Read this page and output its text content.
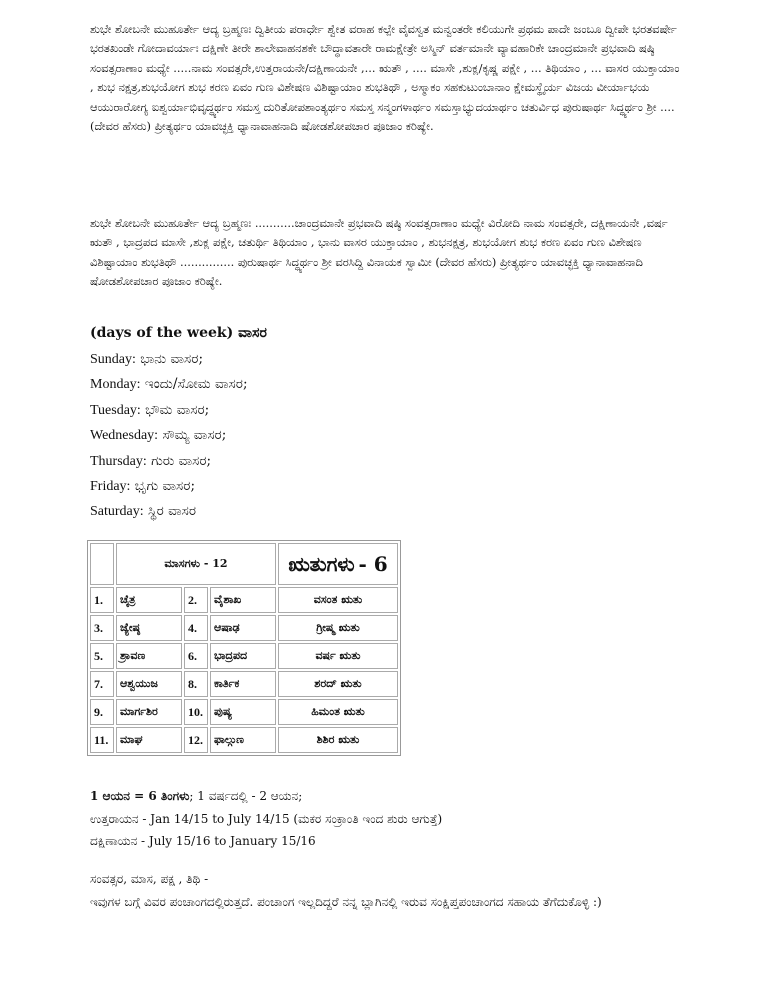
ಶುಭೇ ಶೋಬನೇ ಮುಹೂರ್ತೇ ಆದ್ಯ ಬ್ರಹ್ಮಣಃ ದ್ವಿತೀಯ ಪರಾರ್ಧೇ ಶ್ವೇತ ವರಾಹ ಕಲ್ಪೇ ವೈವಸ್ವತ ಮನ್ವಂತರೇ ಕಲಿಯುಗೇ ಪ್ರಥಮ ಪಾದೇ ಜಂಬೂ ದ್ವೀಪೇ ಭರತವರ್ಷೇ ಭರತಖಂಡೇ ಗೋದಾವರ್ಯಾಃ ದಕ್ಷಿಣೇ ತೀರೇ ಶಾಲೇವಾಹನಶಕೇ ಬೌದ್ಧಾವತಾರೇ ರಾಮಕ್ಷೇತ್ರೇ ಅಸ್ಮಿನ್ ವರ್ತಮಾನೇ ವ್ಯಾವಹಾರಿಕೇ ಚಾಂದ್ರಮಾನೇ ಪ್ರಭವಾದಿ ಷಷ್ಠಿ ಸಂವತ್ಸರಾಣಾಂ ಮಧ್ಯೇ .....ನಾಮ ಸಂವತ್ಸರೇ,ಉತ್ತರಾಯನೇ/ದಕ್ಷಿಣಾಯನೇ ,... ಋತೌ , .... ಮಾಸೇ ,ಶುಕ್ಲ/ಕೃಷ್ಣ ಪಕ್ಷೇ , ... ತಿಥಿಯಾಂ , ... ವಾಸರ ಯುಕ್ತಾಯಾಂ , ಶುಭ ನಕ್ಷತ್ರ,ಶುಭಯೋಗ ಶುಭ ಕರಣ ಏವಂ ಗುಣ ವಿಶೇಷಣ ವಿಶಿಷ್ಟಾಯಾಂ ಶುಭತಿಥೌ , ಅಸ್ಮಾಕಂ ಸಹಕುಟುಂಬಾನಾಂ ಕ್ಷೇಮಸ್ಥೈರ್ಯ ವಿಜಯ ವೀರ್ಯಾಭಯ ಆಯುರಾರೋಗ್ಯ ಐಶ್ವರ್ಯಾಭಿವೃದ್ಧ್ಯರ್ಥಂ ಸಮಸ್ತ ದುರಿತೋಪಶಾಂತ್ಯರ್ಥಂ ಸಮಸ್ತ ಸನ್ಮಂಗಳಾರ್ಥಂ ಸಮಸ್ತಾಭ್ಯುದಯಾರ್ಥಂ ಚತುರ್ವಿಧ ಪುರುಷಾರ್ಥ ಸಿದ್ಧ್ಯರ್ಥಂ ಶ್ರೀ ....(ದೇವರ ಹೆಸರು) ಪ್ರೀತ್ಯರ್ಥಂ ಯಾವಚ್ಛಕ್ತಿ ಧ್ಯಾನಾವಾಹನಾದಿ ಷೋಡಶೋಪಚಾರ ಪೂಜಾಂ ಕರಿಷ್ಯೇ.

ಶುಭೇ ಶೋಬನೇ ಮುಹೂರ್ತೇ ಆದ್ಯ ಬ್ರಹ್ಮಣಃ ...........ಚಾಂದ್ರಮಾನೇ ಪ್ರಭವಾದಿ ಷಷ್ಠಿ ಸಂವತ್ಸರಾಣಾಂ ಮಧ್ಯೇ ವಿರೋದಿ ನಾಮ ಸಂವತ್ಸರೇ, ದಕ್ಷಿಣಾಯನೇ ,ವರ್ಷ ಋತೌ , ಭಾದ್ರಪದ ಮಾಸೇ ,ಶುಕ್ಲ ಪಕ್ಷೇ, ಚತುರ್ಥಿ ತಿಥಿಯಾಂ , ಭಾನು ವಾಸರ ಯುಕ್ತಾಯಾಂ , ಶುಭನಕ್ಷತ್ರ, ಶುಭಯೋಗ ಶುಭ ಕರಣ ಏವಂ ಗುಣ ವಿಶೇಷಣ ವಿಶಿಷ್ಟಾಯಾಂ ಶುಭತಿಥೌ ............... ಪುರುಷಾರ್ಥ ಸಿದ್ಧ್ಯರ್ಥಂ ಶ್ರೀ ವರಸಿದ್ದಿ ವಿನಾಯಕ ಸ್ವಾಮೀ (ದೇವರ ಹೆಸರು) ಪ್ರೀತ್ಯರ್ಥಂ ಯಾವಚ್ಛಕ್ತಿ ಧ್ಯಾನಾವಾಹನಾದಿ ಷೋಡಶೋಪಚಾರ ಪೂಜಾಂ ಕರಿಷ್ಯೇ.

(days of the week) ವಾಸರ

Sunday: ಭಾನು ವಾಸರ;
Monday: ಇಂದು/ಸೋಮ ವಾಸರ;
Tuesday: ಭೌಮ ವಾಸರ;
Wednesday: ಸೌಮ್ಯ ವಾಸರ;
Thursday: ಗುರು ವಾಸರ;
Friday: ಭೃಗು ವಾಸರ;
Saturday: ಸ್ಥಿರ ವಾಸರ
	ಮಾಸಗಳು - 12			ಋತುಗಳು - 6
1.	ಚೈತ್ರ	2.	ವೈಶಾಖ	ವಸಂತ ಋತು
3.	ಜ್ಯೇಷ್ಠ	4.	ಆಷಾಢ	ಗ್ರೀಷ್ಮ ಋತು
5.	ಶ್ರಾವಣ	6.	ಭಾದ್ರಪದ	ವರ್ಷ ಋತು
7.	ಆಶ್ವಯುಜ	8.	ಕಾರ್ತಿಕ	ಶರದ್ ಋತು
9.	ಮಾರ್ಗಶಿರ	10.	ಪುಷ್ಯ	ಹಿಮಂತ ಋತು
11.	ಮಾಘ	12.	ಫಾಲ್ಗುಣ	ಶಿಶಿರ ಋತು
1 ಆಯನ = 6 ತಿಂಗಳು; 1 ವರ್ಷದಲ್ಲಿ - 2 ಆಯನ;
ಉತ್ತರಾಯನ - Jan 14/15 to July 14/15 (ಮಕರ ಸಂಕ್ರಾಂತಿ ಇಂದ ಶುರು ಆಗುತ್ತೆ)
ದಕ್ಷಿಣಾಯನ - July 15/16 to January 15/16
ಸಂವತ್ಸರ, ಮಾಸ, ಪಕ್ಷ , ತಿಥಿ -
ಇವುಗಳ ಬಗ್ಗೆ ವಿವರ ಪಂಚಾಂಗದಲ್ಲಿರುತ್ತದೆ. ಪಂಚಾಂಗ ಇಲ್ಲದಿದ್ದರೆ ನನ್ನ ಬ್ಲಾಗಿನಲ್ಲಿ ಇರುವ ಸಂಕ್ಷಿಪ್ತಪಂಚಾಂಗದ ಸಹಾಯ ತೆಗೆದುಕೊಳ್ಳಿ :)
